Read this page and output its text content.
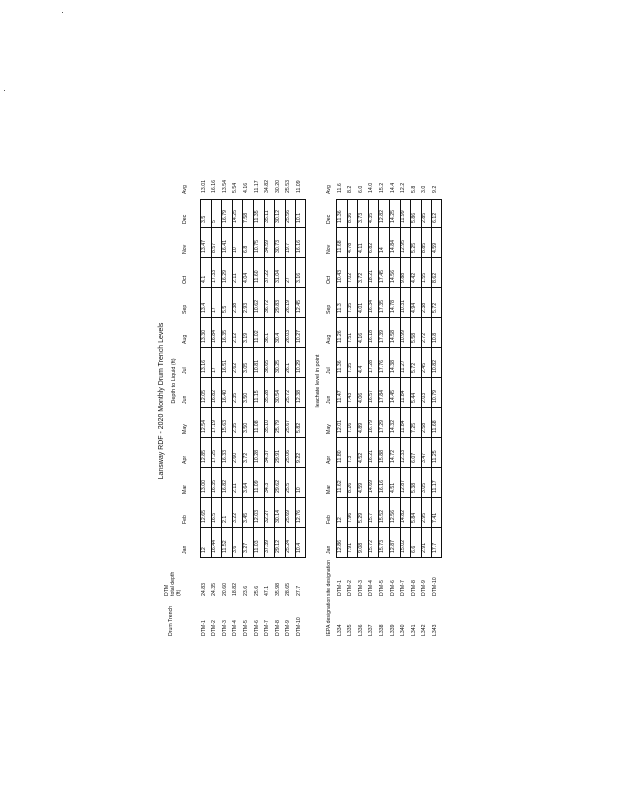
Lansway RDF - 2020 Monthly Drum Trench Levels Depth to Liquid (ft)
Drum Trench
DTM
total depth
(ft)
Jan
Feb
Mar
Apr
May
Jun
Jul
Aug
Sep
Oct
Nov
Dec
Avg
DTM-1
24.83
12
12.65
13.00
12.85
12.54
12.05
13.16
13.30
13.4
4.1
13.47
3.5
13.01
DTM-2
24.35
16.44
16.5
16.35
17.25
17.19
16.82
17
16.84
17
17.33
8.57
5
16.16
DTM-3
20.60
11.52
2.1
16.82
16.33
15.63
16.40
16.51
16.35
5.5
16.29
16.41
16.79
13.54
DTM-4
18.82
3.6
3.22
2.11
2.60
2.35
2.35
2.62
2.12
2.38
2.11
10
14.25
5.54
DTM-5
23.6
3.27
3.45
3.64
3.72
3.50
3.50
3.05
3.19
2.93
4.04
6.8
7.58
4.16
DTM-6
25.6
11.03
12.03
11.09
10.28
11.08
11.15
10.81
11.02
10.62
11.60
10.75
11.35
11.17
DTM-7
47.1
37.39
32.27
34.3
34.37
35.10
35.28
36.65
36.1
36.72
37.22
34.59
35.11
34.82
DTM-8
35.98
29.12
30.14
29.62
29.91
25.79
30.54
30.25
30.4
29.83
31.04
30.73
30.12
30.20
DTM-9
28.65
25.24
25.69
25.5
25.06
25.67
25.72
26.1
26.03
26.19
27
19.7
25.56
25.53
DTM-10
27.7
10.4
12.76
10
9.22
5.82
12.38
10.29
10.27
12.45
3.16
16.16
10.1
11.09
leachate level in point
IEPA designation
site designation
Jan
Feb
Mar
Apr
May
Jun
Jul
Aug
Sep
Oct
Nov
Dec
Avg
L334
DTM-1
12.86
12
11.62
11.80
12.01
11.47
11.36
11.26
11.3
10.43
11.68
11.36
11.6
L335
DTM-2
7.91
7.96
8.26
7.3
7.16
7.43
7.35
7.51
7.35
7.02
4.78
8.36
8.2
L336
DTM-3
9.08
5.29
4.59
4.52
4.89
4.06
4.4
4.16
4.01
3.72
4.11
3.73
6.0
L337
DTM-4
15.72
15.7
14.69
16.21
16.79
16.57
17.28
16.18
16.34
18.21
6.82
4.35
14.0
L338
DTM-5
15.73
15.52
16.16
15.88
17.29
17.84
17.76
17.39
17.35
17.45
14
12.82
15.2
L339
DTM-6
12.87
12.56
4.51
14.72
14.32
14.45
14.38
14.58
14.78
14.56
14.84
14.25
14.4
L340
DTM-7
15.02
14.82
12.87
12.33
11.84
11.84
11.27
10.99
10.31
9.88
12.95
11.99
12.2
L341
DTM-8
6.6
5.84
5.38
6.07
7.25
5.44
5.72
5.58
4.94
4.42
5.25
5.86
5.8
L342
DTM-9
2.91
2.95
3.05
3.47
2.58
2.03
2.45
2.72
2.38
1.55
8.85
2.85
3.0
L343
DTM-10
17.7
7.41
11.17
11.25
11.68
10.79
10.82
10.8
5.72
8.62
4.59
6.12
9.2
